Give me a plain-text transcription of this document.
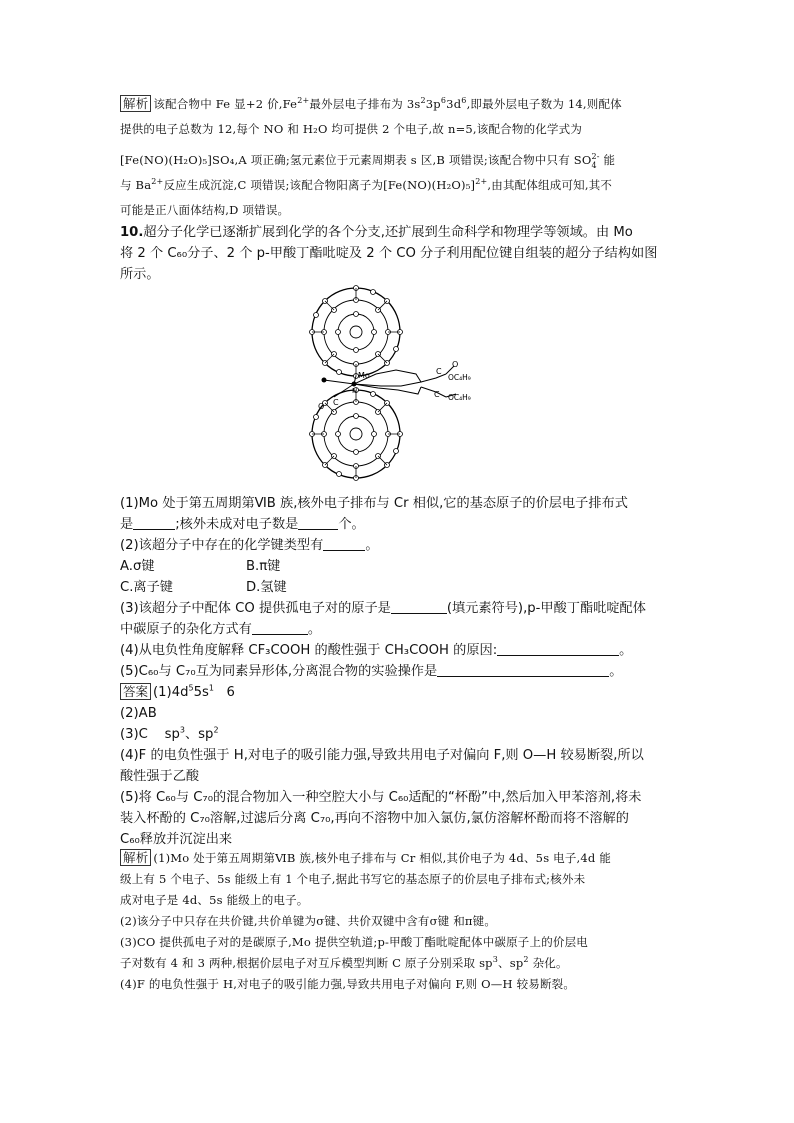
解析 该配合物中 Fe 显+2 价$,Fe^{2+}$最外层电子排布为 $3s^23p^63d^6$,即最外层电子数为 14,则配体
提供的电子总数为 12,每个 NO 和 H₂O 均可提供 2 个电子,故 n=5,该配合物的化学式为
[Fe(NO)(H₂O)₅]SO₄,A 项正确;氢元素位于元素周期表 s 区,B 项错误;该配合物中只有 SO 2-
4 能
与 $Ba^{2+}$反应生成沉淀,C 项错误;该配合物阳离子为$[Fe(NO)(H_2O)_5]^{2+}$,由其配体组成可知,其不
可能是正八面体结构,D 项错误。
10.超分子化学已逐渐扩展到化学的各个分支,还扩展到生命科学和物理学等领域。由 Mo
将 2 个 C₆₀分子、2 个 p-甲酸丁酯吡啶及 2 个 CO 分子利用配位键自组装的超分子结构如图
所示。
Mo
N
C
O
O
C
OC₄H₉
C OC₄H₉
(1)Mo 处于第五周期第ⅥB 族,核外电子排布与 Cr 相似,它的基态原子的价层电子排布式
是	;核外未成对电子数是	个。
(2)该超分子中存在的化学键类型有	。
A.σ键	B.π键
C.离子键	D.氢键
(3)该超分子中配体 CO 提供孤电子对的原子是	(填元素符号),p-甲酸丁酯吡啶配体
中碳原子的杂化方式有	。
(4)从电负性角度解释 CF₃COOH 的酸性强于 CH₃COOH 的原因:	。
(5)C₆₀与 C₇₀互为同素异形体,分离混合物的实验操作是	。
答案 $(1)4d^55s^1$   6
(2)AB
(3)C    $sp^3$、$sp^2$
(4)F 的电负性强于 H,对电子的吸引能力强,导致共用电子对偏向 F,则 O—H 较易断裂,所以
酸性强于乙酸
(5)将 C₆₀与 C₇₀的混合物加入一种空腔大小与 C₆₀适配的“杯酚”中,然后加入甲苯溶剂,将未
装入杯酚的 C₇₀溶解,过滤后分离 C₇₀,再向不溶物中加入氯仿,氯仿溶解杯酚而将不溶解的
C₆₀释放并沉淀出来
解析 (1)Mo 处于第五周期第ⅥB 族,核外电子排布与 Cr 相似,其价电子为 4d、5s 电子,4d 能
级上有 5 个电子、5s 能级上有 1 个电子,据此书写它的基态原子的价层电子排布式;核外未
成对电子是 4d、5s 能级上的电子。
(2)该分子中只存在共价键,共价单键为σ键、共价双键中含有σ键 和π键。
(3)CO 提供孤电子对的是碳原子,Mo 提供空轨道;p-甲酸丁酯吡啶配体中碳原子上的价层电
子对数有 4 和 3 两种,根据价层电子对互斥模型判断 C 原子分别采取 $sp^3$、$sp^2$ 杂化。
(4)F 的电负性强于 H,对电子的吸引能力强,导致共用电子对偏向 F,则 O—H 较易断裂。
